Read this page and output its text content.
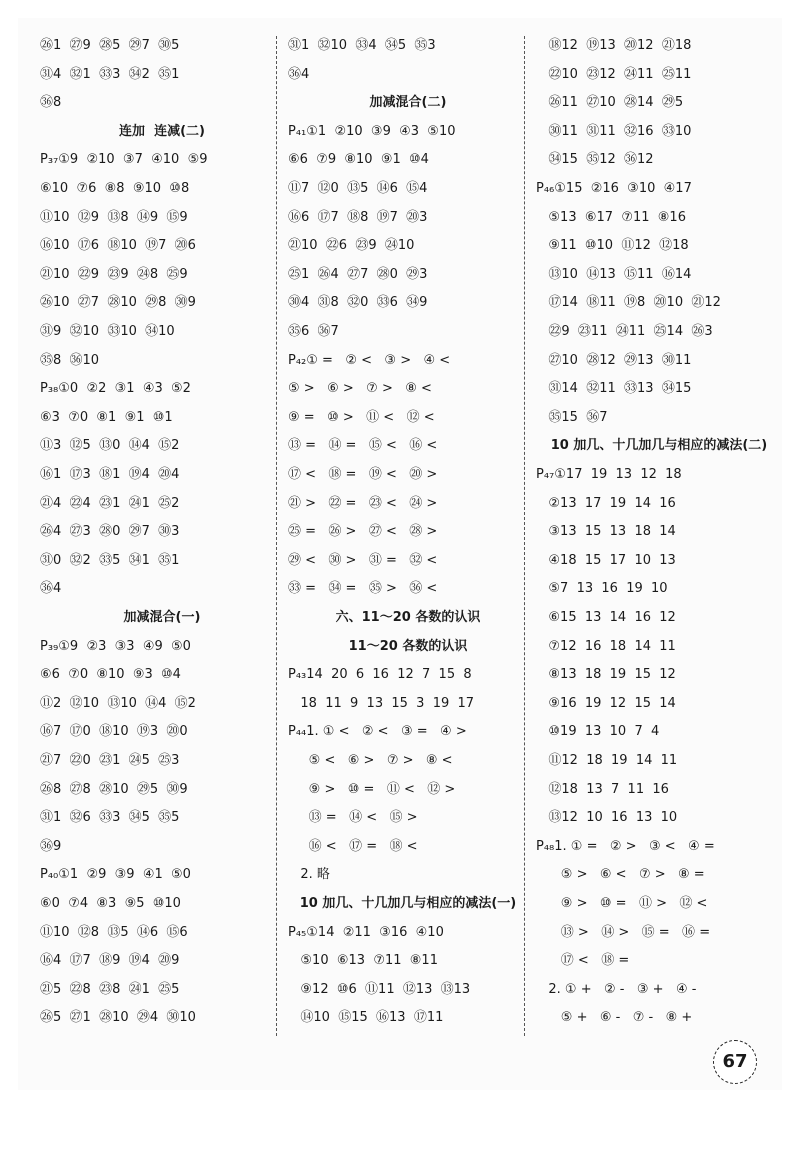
㉖1  ㉗9  ㉘5  ㉙7  ㉚5
㉛4  ㉜1  ㉝3  ㉞2  ㉟1
㊱8
连加  连减(二)
P₃₇①9  ②10  ③7  ④10  ⑤9
⑥10  ⑦6  ⑧8  ⑨10  ⑩8
⑪10  ⑫9  ⑬8  ⑭9  ⑮9
⑯10  ⑰6  ⑱10  ⑲7  ⑳6
㉑10  ㉒9  ㉓9  ㉔8  ㉕9
㉖10  ㉗7  ㉘10  ㉙8  ㉚9
㉛9  ㉜10  ㉝10  ㉞10
㉟8  ㊱10
P₃₈①0  ②2  ③1  ④3  ⑤2
⑥3  ⑦0  ⑧1  ⑨1  ⑩1
⑪3  ⑫5  ⑬0  ⑭4  ⑮2
⑯1  ⑰3  ⑱1  ⑲4  ⑳4
㉑4  ㉒4  ㉓1  ㉔1  ㉕2
㉖4  ㉗3  ㉘0  ㉙7  ㉚3
㉛0  ㉜2  ㉝5  ㉞1  ㉟1
㊱4
加减混合(一)
P₃₉①9  ②3  ③3  ④9  ⑤0
⑥6  ⑦0  ⑧10  ⑨3  ⑩4
⑪2  ⑫10  ⑬10  ⑭4  ⑮2
⑯7  ⑰0  ⑱10  ⑲3  ⑳0
㉑7  ㉒0  ㉓1  ㉔5  ㉕3
㉖8  ㉗8  ㉘10  ㉙5  ㉚9
㉛1  ㉜6  ㉝3  ㉞5  ㉟5
㊱9
P₄₀①1  ②9  ③9  ④1  ⑤0
⑥0  ⑦4  ⑧3  ⑨5  ⑩10
⑪10  ⑫8  ⑬5  ⑭6  ⑮6
⑯4  ⑰7  ⑱9  ⑲4  ⑳9
㉑5  ㉒8  ㉓8  ㉔1  ㉕5
㉖5  ㉗1  ㉘10  ㉙4  ㉚10
㉛1  ㉜10  ㉝4  ㉞5  ㉟3
㊱4
加减混合(二)
P₄₁①1  ②10  ③9  ④3  ⑤10
⑥6  ⑦9  ⑧10  ⑨1  ⑩4
⑪7  ⑫0  ⑬5  ⑭6  ⑮4
⑯6  ⑰7  ⑱8  ⑲7  ⑳3
㉑10  ㉒6  ㉓9  ㉔10
㉕1  ㉖4  ㉗7  ㉘0  ㉙3
㉚4  ㉛8  ㉜0  ㉝6  ㉞9
㉟6  ㊱7
P₄₂① =   ② <   ③ >   ④ <
⑤ >   ⑥ >   ⑦ >   ⑧ <
⑨ =   ⑩ >   ⑪ <   ⑫ <
⑬ =   ⑭ =   ⑮ <   ⑯ <
⑰ <   ⑱ =   ⑲ <   ⑳ >
㉑ >   ㉒ =   ㉓ <   ㉔ >
㉕ =   ㉖ >   ㉗ <   ㉘ >
㉙ <   ㉚ >   ㉛ =   ㉜ <
㉝ =   ㉞ =   ㉟ >   ㊱ <
六、11～20 各数的认识
11～20 各数的认识
P₄₃14  20  6  16  12  7  15  8
18  11  9  13  15  3  19  17
P₄₄1. ① <   ② <   ③ =   ④ >
⑤ <   ⑥ >   ⑦ >   ⑧ <
⑨ >   ⑩ =   ⑪ <   ⑫ >
⑬ =   ⑭ <   ⑮ >
⑯ <   ⑰ =   ⑱ <
2. 略
10 加几、十几加几与相应的减法(一)
P₄₅①14  ②11  ③16  ④10
⑤10  ⑥13  ⑦11  ⑧11
⑨12  ⑩6  ⑪11  ⑫13  ⑬13
⑭10  ⑮15  ⑯13  ⑰11
⑱12  ⑲13  ⑳12  ㉑18
㉒10  ㉓12  ㉔11  ㉕11
㉖11  ㉗10  ㉘14  ㉙5
㉚11  ㉛11  ㉜16  ㉝10
㉞15  ㉟12  ㊱12
P₄₆①15  ②16  ③10  ④17
⑤13  ⑥17  ⑦11  ⑧16
⑨11  ⑩10  ⑪12  ⑫18
⑬10  ⑭13  ⑮11  ⑯14
⑰14  ⑱11  ⑲8  ⑳10  ㉑12
㉒9  ㉓11  ㉔11  ㉕14  ㉖3
㉗10  ㉘12  ㉙13  ㉚11
㉛14  ㉜11  ㉝13  ㉞15
㉟15  ㊱7
10 加几、十几加几与相应的减法(二)
P₄₇①17  19  13  12  18
②13  17  19  14  16
③13  15  13  18  14
④18  15  17  10  13
⑤7  13  16  19  10
⑥15  13  14  16  12
⑦12  16  18  14  11
⑧13  18  19  15  12
⑨16  19  12  15  14
⑩19  13  10  7  4
⑪12  18  19  14  11
⑫18  13  7  11  16
⑬12  10  16  13  10
P₄₈1. ① =   ② >   ③ <   ④ =
⑤ >   ⑥ <   ⑦ >   ⑧ =
⑨ >   ⑩ =   ⑪ >   ⑫ <
⑬ >   ⑭ >   ⑮ =   ⑯ =
⑰ <   ⑱ =
2. ① +   ② -   ③ +   ④ -
⑤ +   ⑥ -   ⑦ -   ⑧ +
67
